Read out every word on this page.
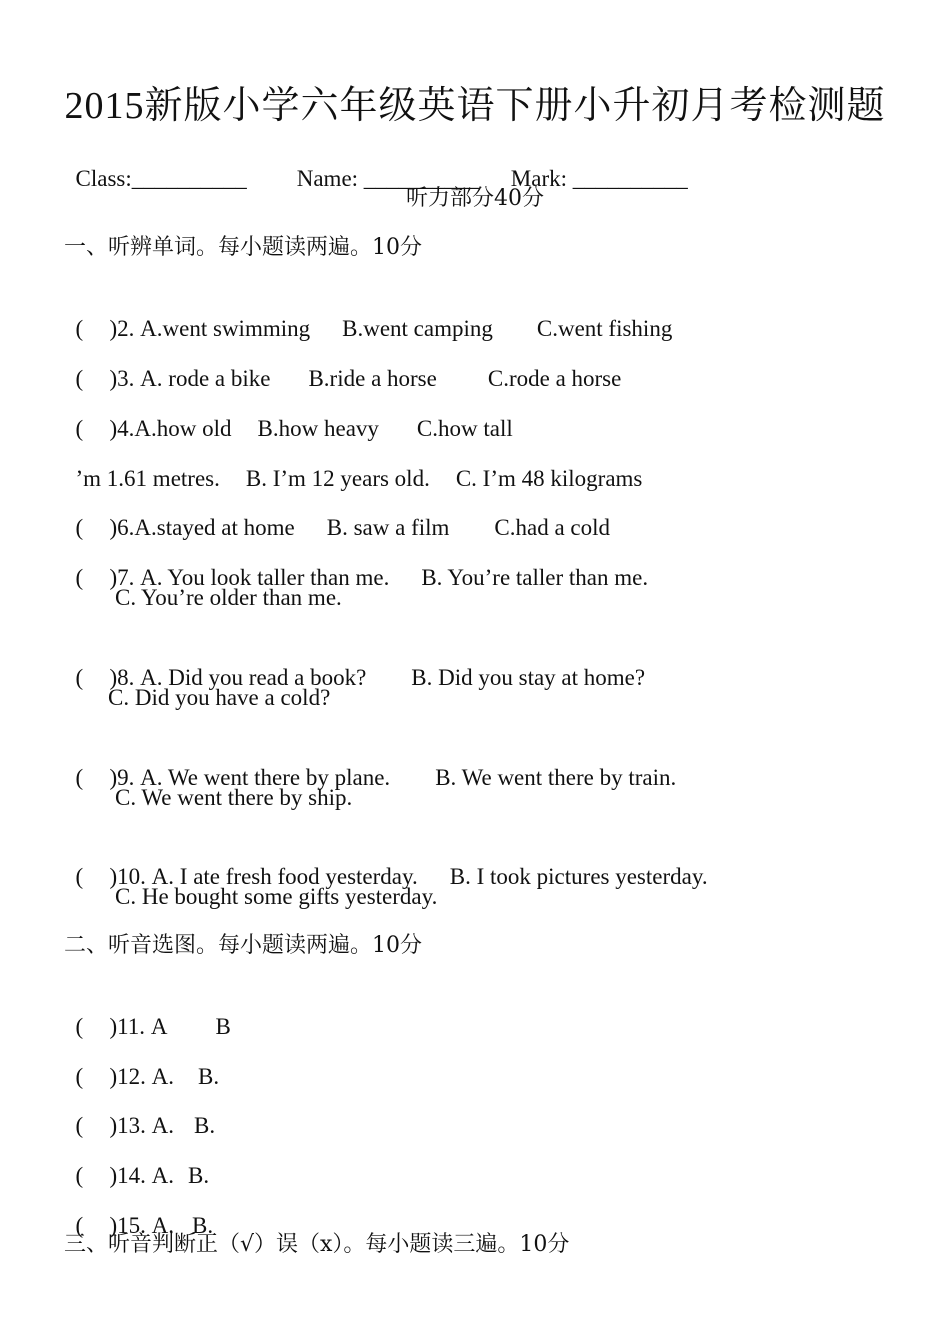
2015新版小学六年级英语下册小升初月考检测题

Class:__________ Name: __________ Mark: __________

听力部分40分
一、听辨单词。每小题读两遍。10分

( )2. A.went swimming B.went camping C.went fishing

( )3. A. rode a bike B.ride a horse C.rode a horse

( )4.A.how old B.how heavy C.how tall

’m 1.61 metres. B. I’m 12 years old. C. I’m 48 kilograms

( )6.A.stayed at home B. saw a film C.had a cold

( )7. A. You look taller than me. B. You’re taller than me.

C. You’re older than me.

( )8. A. Did you read a book? B. Did you stay at home?

C. Did you have a cold?

( )9. A. We went there by plane. B. We went there by train.

C. We went there by ship.

( )10. A. I ate fresh food yesterday. B. I took pictures yesterday.

C. He bought some gifts yesterday.
二、听音选图。每小题读两遍。10分

( )11. A B

( )12. A. B.

( )13. A. B.

( )14. A. B.

( )15. A. B.

三、听音判断正（√）误（x）。每小题读三遍。10分
